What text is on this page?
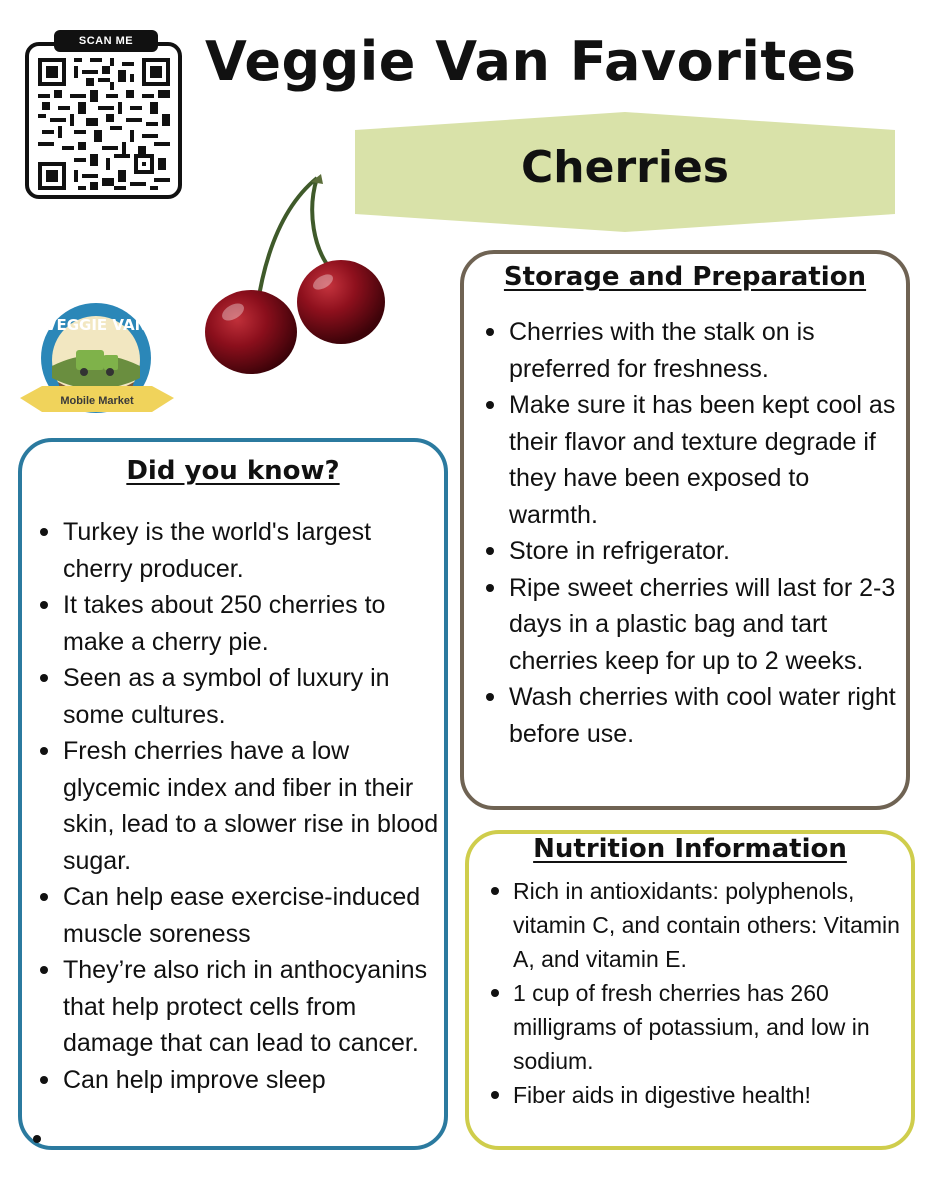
SCAN ME	Veggie Van Favorites
Cherries
VEGGIE VAN
Mobile Market
Did you know?
Turkey is the world's largest cherry producer.
It takes about 250 cherries to make a cherry pie.
Seen as a symbol of luxury in some cultures.
Fresh cherries have a low glycemic index and fiber in their skin, lead to a slower rise in blood sugar.
Can help ease exercise-induced muscle soreness
They’re also rich in anthocyanins that help protect cells from damage that can lead to cancer.
Can help improve sleep
Storage and Preparation
Cherries with the stalk on is preferred for freshness.
Make sure it has been kept cool as their flavor and texture degrade if they have been exposed to warmth.
Store in refrigerator.
Ripe sweet cherries will last for 2-3 days in a plastic bag and tart cherries keep for up to 2 weeks.
Wash cherries with cool water right before use.
Nutrition Information
Rich in antioxidants: polyphenols, vitamin C, and contain others: Vitamin A, and vitamin E.
1 cup of fresh cherries has 260 milligrams of potassium, and low in sodium.
Fiber aids in digestive health!
